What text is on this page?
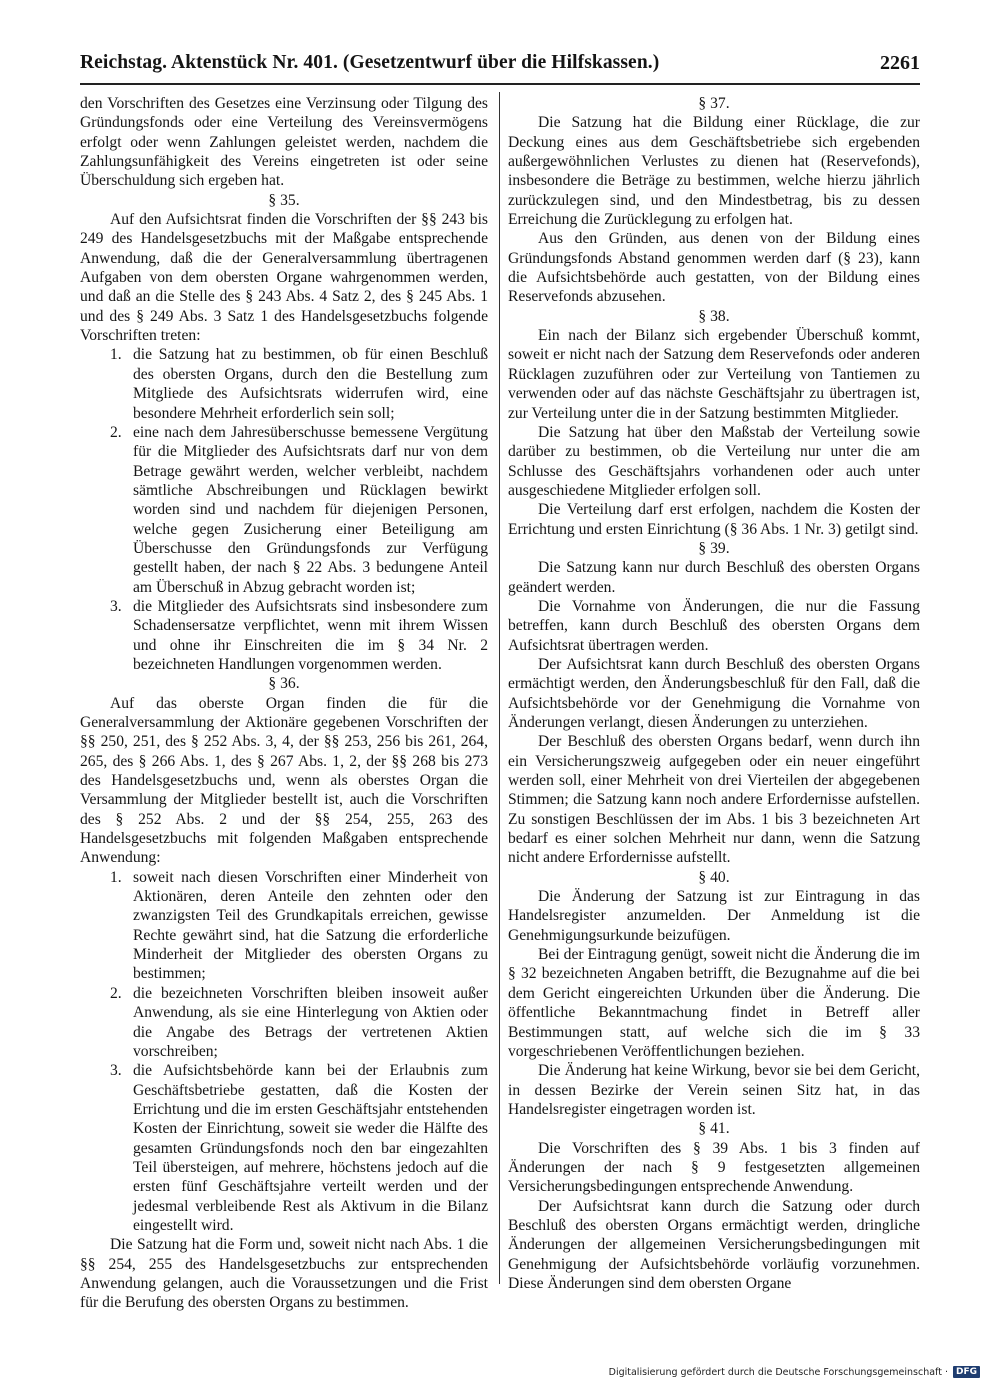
Reichstag. Aktenstück Nr. 401. (Gesetzentwurf über die Hilfskassen.)	2261

den Vorschriften des Gesetzes eine Verzinsung oder Tilgung des Gründungsfonds oder eine Verteilung des Vereinsvermögens erfolgt oder wenn Zahlungen geleistet werden, nachdem die Zahlungsunfähigkeit des Vereins eingetreten ist oder seine Überschuldung sich ergeben hat.

§ 35.

Auf den Aufsichtsrat finden die Vorschriften der §§ 243 bis 249 des Handelsgesetzbuchs mit der Maßgabe entsprechende Anwendung, daß die der Generalversammlung übertragenen Aufgaben von dem obersten Organe wahrgenommen werden, und daß an die Stelle des § 243 Abs. 4 Satz 2, des § 245 Abs. 1 und des § 249 Abs. 3 Satz 1 des Handelsgesetzbuchs folgende Vorschriften treten:

1. die Satzung hat zu bestimmen, ob für einen Beschluß des obersten Organs, durch den die Bestellung zum Mitgliede des Aufsichtsrats widerrufen wird, eine besondere Mehrheit erforderlich sein soll;
2. eine nach dem Jahresüberschusse bemessene Vergütung für die Mitglieder des Aufsichtsrats darf nur von dem Betrage gewährt werden, welcher verbleibt, nachdem sämtliche Abschreibungen und Rücklagen bewirkt worden sind und nachdem für diejenigen Personen, welche gegen Zusicherung einer Beteiligung am Überschusse den Gründungsfonds zur Verfügung gestellt haben, der nach § 22 Abs. 3 bedungene Anteil am Überschuß in Abzug gebracht worden ist;
3. die Mitglieder des Aufsichtsrats sind insbesondere zum Schadensersatze verpflichtet, wenn mit ihrem Wissen und ohne ihr Einschreiten die im § 34 Nr. 2 bezeichneten Handlungen vorgenommen werden.
§ 36.

Auf das oberste Organ finden die für die Generalversammlung der Aktionäre gegebenen Vorschriften der §§ 250, 251, des § 252 Abs. 3, 4, der §§ 253, 256 bis 261, 264, 265, des § 266 Abs. 1, des § 267 Abs. 1, 2, der §§ 268 bis 273 des Handelsgesetzbuchs und, wenn als oberstes Organ die Versammlung der Mitglieder bestellt ist, auch die Vorschriften des § 252 Abs. 2 und der §§ 254, 255, 263 des Handelsgesetzbuchs mit folgenden Maßgaben entsprechende Anwendung:

1. soweit nach diesen Vorschriften einer Minderheit von Aktionären, deren Anteile den zehnten oder den zwanzigsten Teil des Grundkapitals erreichen, gewisse Rechte gewährt sind, hat die Satzung die erforderliche Minderheit der Mitglieder des obersten Organs zu bestimmen;
2. die bezeichneten Vorschriften bleiben insoweit außer Anwendung, als sie eine Hinterlegung von Aktien oder die Angabe des Betrags der vertretenen Aktien vorschreiben;
3. die Aufsichtsbehörde kann bei der Erlaubnis zum Geschäftsbetriebe gestatten, daß die Kosten der Errichtung und die im ersten Geschäftsjahr entstehenden Kosten der Einrichtung, soweit sie weder die Hälfte des gesamten Gründungsfonds noch den bar eingezahlten Teil übersteigen, auf mehrere, höchstens jedoch auf die ersten fünf Geschäftsjahre verteilt werden und der jedesmal verbleibende Rest als Aktivum in die Bilanz eingestellt wird.

Die Satzung hat die Form und, soweit nicht nach Abs. 1 die §§ 254, 255 des Handelsgesetzbuchs zur entsprechenden Anwendung gelangen, auch die Voraussetzungen und die Frist für die Berufung des obersten Organs zu bestimmen.

§ 37.

Die Satzung hat die Bildung einer Rücklage, die zur Deckung eines aus dem Geschäftsbetriebe sich ergebenden außergewöhnlichen Verlustes zu dienen hat (Reservefonds), insbesondere die Beträge zu bestimmen, welche hierzu jährlich zurückzulegen sind, und den Mindestbetrag, bis zu dessen Erreichung die Zurücklegung zu erfolgen hat.

Aus den Gründen, aus denen von der Bildung eines Gründungsfonds Abstand genommen werden darf (§ 23), kann die Aufsichtsbehörde auch gestatten, von der Bildung eines Reservefonds abzusehen.

§ 38.

Ein nach der Bilanz sich ergebender Überschuß kommt, soweit er nicht nach der Satzung dem Reservefonds oder anderen Rücklagen zuzuführen oder zur Verteilung von Tantiemen zu verwenden oder auf das nächste Geschäftsjahr zu übertragen ist, zur Verteilung unter die in der Satzung bestimmten Mitglieder.

Die Satzung hat über den Maßstab der Verteilung sowie darüber zu bestimmen, ob die Verteilung nur unter die am Schlusse des Geschäftsjahrs vorhandenen oder auch unter ausgeschiedene Mitglieder erfolgen soll.

Die Verteilung darf erst erfolgen, nachdem die Kosten der Errichtung und ersten Einrichtung (§ 36 Abs. 1 Nr. 3) getilgt sind.

§ 39.

Die Satzung kann nur durch Beschluß des obersten Organs geändert werden.

Die Vornahme von Änderungen, die nur die Fassung betreffen, kann durch Beschluß des obersten Organs dem Aufsichtsrat übertragen werden.

Der Aufsichtsrat kann durch Beschluß des obersten Organs ermächtigt werden, den Änderungsbeschluß für den Fall, daß die Aufsichtsbehörde vor der Genehmigung die Vornahme von Änderungen verlangt, diesen Änderungen zu unterziehen.

Der Beschluß des obersten Organs bedarf, wenn durch ihn ein Versicherungszweig aufgegeben oder ein neuer eingeführt werden soll, einer Mehrheit von drei Vierteilen der abgegebenen Stimmen; die Satzung kann noch andere Erfordernisse aufstellen. Zu sonstigen Beschlüssen der im Abs. 1 bis 3 bezeichneten Art bedarf es einer solchen Mehrheit nur dann, wenn die Satzung nicht andere Erfordernisse aufstellt.

§ 40.

Die Änderung der Satzung ist zur Eintragung in das Handelsregister anzumelden. Der Anmeldung ist die Genehmigungsurkunde beizufügen.

Bei der Eintragung genügt, soweit nicht die Änderung die im § 32 bezeichneten Angaben betrifft, die Bezugnahme auf die bei dem Gericht eingereichten Urkunden über die Änderung. Die öffentliche Bekanntmachung findet in Betreff aller Bestimmungen statt, auf welche sich die im § 33 vorgeschriebenen Veröffentlichungen beziehen.

Die Änderung hat keine Wirkung, bevor sie bei dem Gericht, in dessen Bezirke der Verein seinen Sitz hat, in das Handelsregister eingetragen worden ist.

§ 41.

Die Vorschriften des § 39 Abs. 1 bis 3 finden auf Änderungen der nach § 9 festgesetzten allgemeinen Versicherungsbedingungen entsprechende Anwendung.

Der Aufsichtsrat kann durch die Satzung oder durch Beschluß des obersten Organs ermächtigt werden, dringliche Änderungen der allgemeinen Versicherungsbedingungen mit Genehmigung der Aufsichtsbehörde vorläufig vorzunehmen. Diese Änderungen sind dem obersten Organe

Digitalisierung gefördert durch die Deutsche Forschungsgemeinschaft · DFG
